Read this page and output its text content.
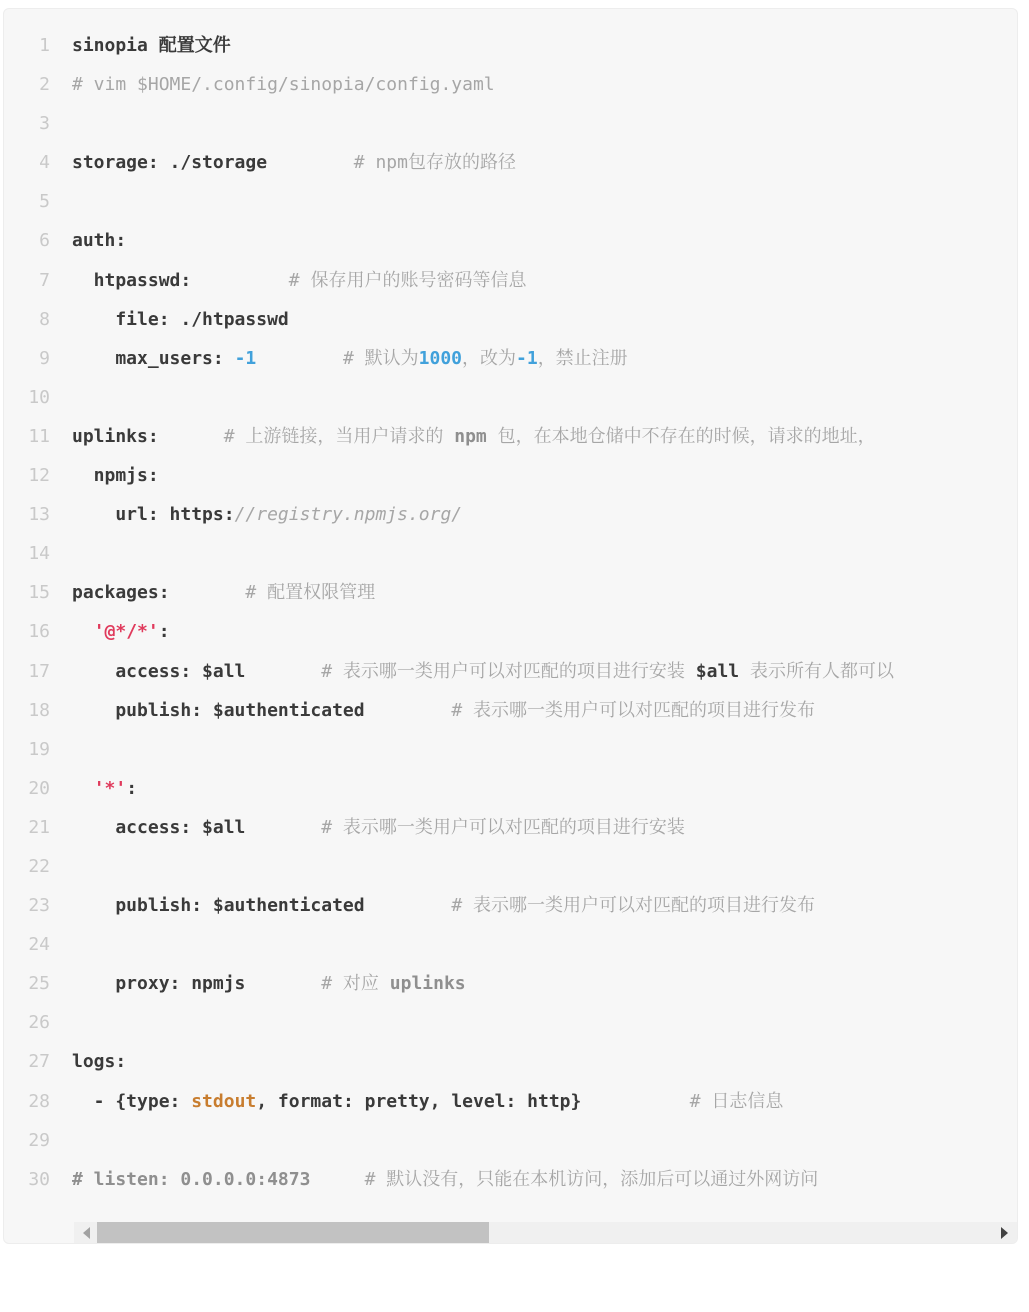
1 sinopia 配置文件
2 # vim $HOME/.config/sinopia/config.yaml
3
4 storage: ./storage	# npm包存放的路径
5
6 auth:
7 htpasswd:	# 保存用户的账号密码等信息
8 file: ./htpasswd
9 max_users: -1	# 默认为1000，改为-1，禁止注册
10
11 uplinks:	# 上游链接，当用户请求的 npm 包，在本地仓储中不存在的时候，请求的地址，
12 npmjs:
13 url: https://registry.npmjs.org/
14
15 packages:	# 配置权限管理
16	'@*/*':
17 access: $all	# 表示哪一类用户可以对匹配的项目进行安装 $all 表示所有人都可以
18 publish: $authenticated	# 表示哪一类用户可以对匹配的项目进行发布
19
20	'*':
21 access: $all	# 表示哪一类用户可以对匹配的项目进行安装
22
23 publish: $authenticated	# 表示哪一类用户可以对匹配的项目进行发布
24
25 proxy: npmjs	# 对应 uplinks
26
27 logs:
28 - {type: stdout, format: pretty, level: http}	# 日志信息
29
30 # listen: 0.0.0.0:4873	# 默认没有，只能在本机访问，添加后可以通过外网访问
